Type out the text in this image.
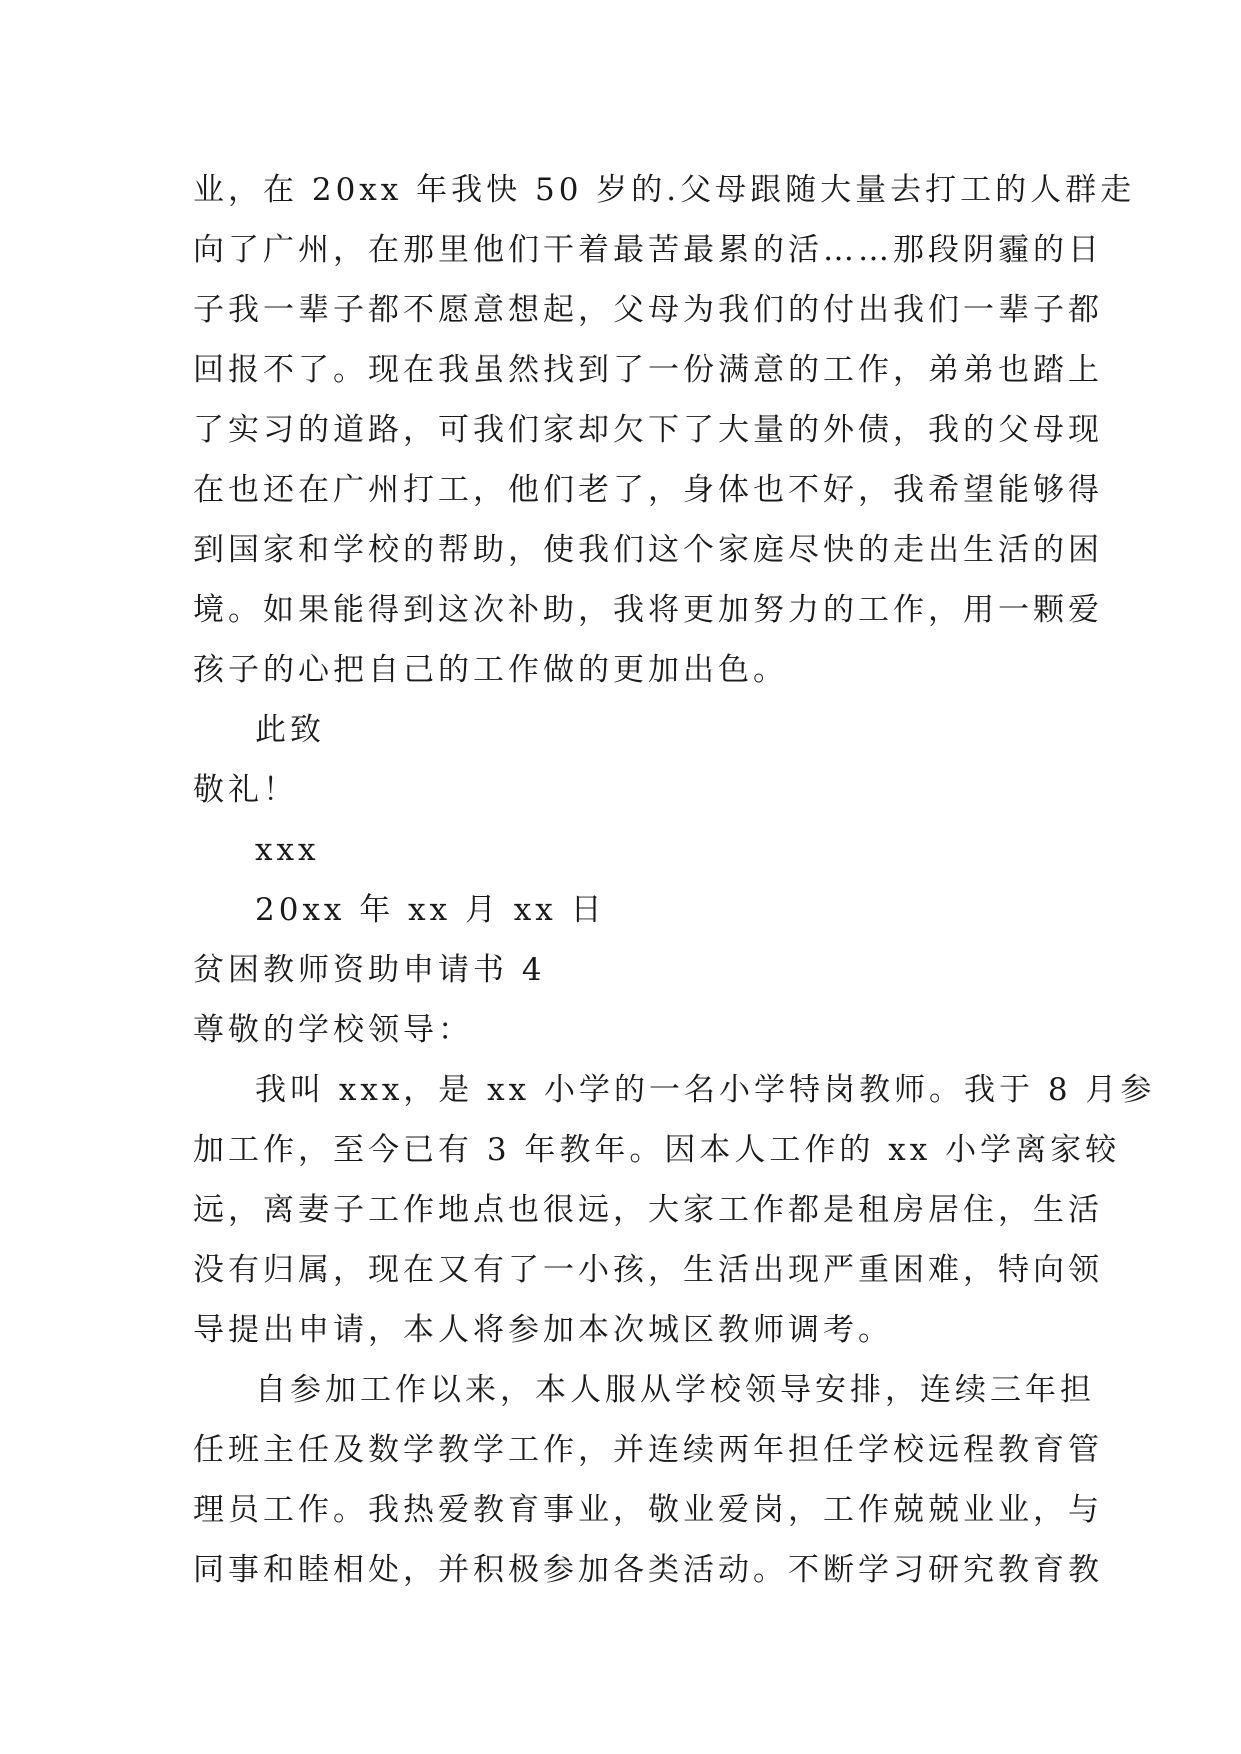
业，在 20xx 年我快 50 岁的.父母跟随大量去打工的人群走
向了广州，在那里他们干着最苦最累的活……那段阴霾的日
子我一辈子都不愿意想起，父母为我们的付出我们一辈子都
回报不了。现在我虽然找到了一份满意的工作，弟弟也踏上
了实习的道路，可我们家却欠下了大量的外债，我的父母现
在也还在广州打工，他们老了，身体也不好，我希望能够得
到国家和学校的帮助，使我们这个家庭尽快的走出生活的困
境。如果能得到这次补助，我将更加努力的工作，用一颗爱
孩子的心把自己的工作做的更加出色。
此致
敬礼！
xxx
20xx 年 xx 月 xx 日
贫困教师资助申请书 4
尊敬的学校领导：
我叫 xxx，是 xx 小学的一名小学特岗教师。我于 8 月参
加工作，至今已有 3 年教年。因本人工作的 xx 小学离家较
远，离妻子工作地点也很远，大家工作都是租房居住，生活
没有归属，现在又有了一小孩，生活出现严重困难，特向领
导提出申请，本人将参加本次城区教师调考。
自参加工作以来，本人服从学校领导安排，连续三年担
任班主任及数学教学工作，并连续两年担任学校远程教育管
理员工作。我热爱教育事业，敬业爱岗，工作兢兢业业，与
同事和睦相处，并积极参加各类活动。不断学习研究教育教
